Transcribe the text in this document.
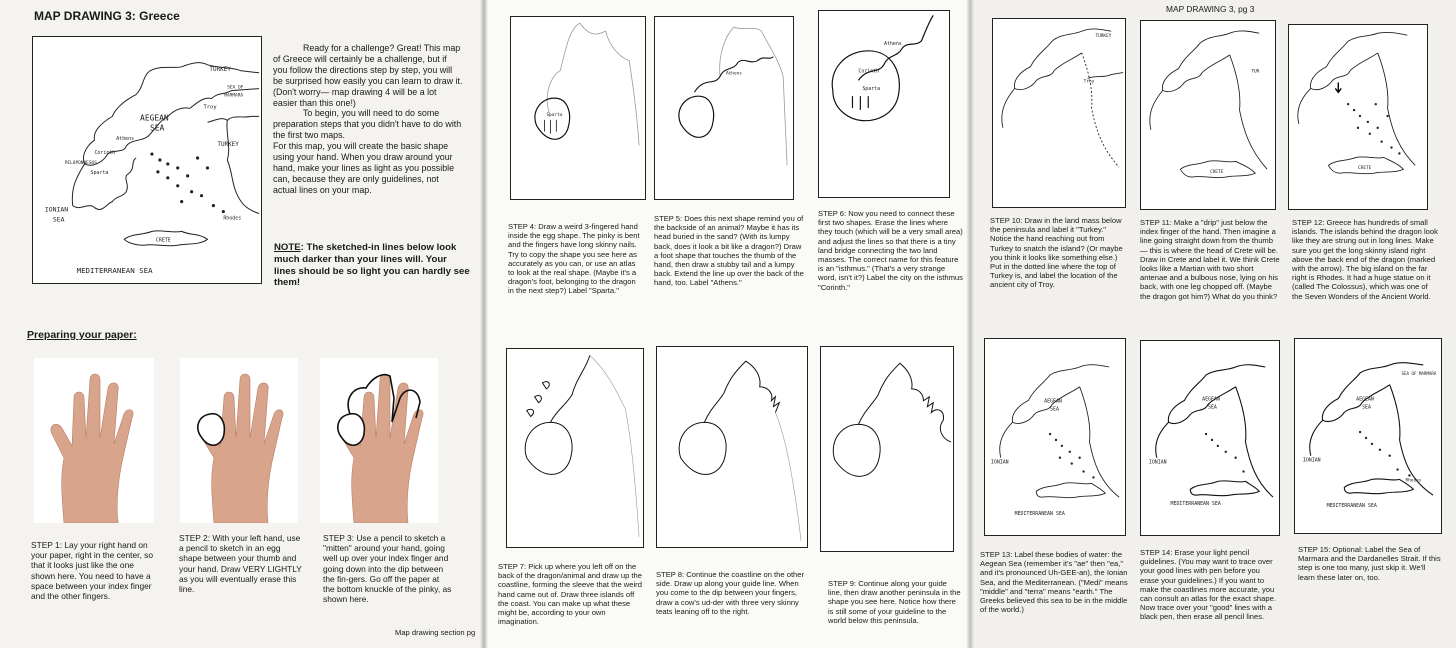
MAP DRAWING 3: Greece
TURKEY
SEA OF
MARMARA
Troy
AEGEAN
SEA
TURKEY
Athens
Corinth
PELOPONNESUS
Sparta
IONIAN
SEA	Rhodes
CRETE
MEDITERRANEAN SEA

Ready for a challenge? Great! This map of Greece will certainly be a challenge, but if you follow the directions step by step, you will be surprised how easily you can learn to draw it. (Don't worry— map drawing 4 will be a lot easier than this one!)

To begin, you will need to do some preparation steps that you didn't have to do with the first two maps.

For this map, you will create the basic shape using your hand. When you draw around your hand, make your lines as light as you possible can, because they are only guidelines, not actual lines on your map.

NOTE: The sketched-in lines below look much darker than your lines will. Your lines should be so light you can hardly see them!
Preparing your paper:
STEP 1: Lay your right hand on your paper, right in the center, so that it looks just like the one shown here. You need to have a space between your index finger and the other fingers.
STEP 2: With your left hand, use a pencil to sketch in an egg shape between your thumb and your hand. Draw VERY LIGHTLY as you will eventually erase this line.
STEP 3: Use a pencil to sketch a "mitten" around your hand, going well up over your index finger and going down into the dip between the fin-gers. Go off the paper at the bottom knuckle of the pinky, as shown here.
Map drawing section pg
Sparta
Athens
Athens
Corinth
Sparta
STEP 4: Draw a weird 3-fingered hand inside the egg shape. The pinky is bent and the fingers have long skinny nails. Try to copy the shape you see here as accurately as you can, or use an atlas to look at the real shape. (Maybe it's a dragon's foot, belonging to the dragon in the next step?) Label "Sparta."
STEP 5: Does this next shape remind you of the backside of an animal? Maybe it has its head buried in the sand? (With its lumpy back, does it look a bit like a dragon?) Draw a foot shape that touches the thumb of the hand, then draw a stubby tail and a lumpy back. Extend the line up over the back of the hand, too. Label "Athens."
STEP 6: Now you need to connect these first two shapes. Erase the lines where they touch (which will be a very small area) and adjust the lines so that there is a tiny land bridge connecting the two land masses. The correct name for this feature is an "isthmus." (That's a very strange word, isn't it?) Label the city on the isthmus "Corinth."
STEP 7: Pick up where you left off on the back of the dragon/animal and draw up the coastline, forming the sleeve that the weird hand came out of. Draw three islands off the coast. You can make up what these might be, according to your own imagination.
STEP 8: Continue the coastline on the other side. Draw up along your guide line. When you come to the dip between your fingers, draw a cow's ud-der with three very skinny teats leaning off to the right.
STEP 9: Continue along your guide line, then draw another peninsula in the shape you see here. Notice how there is still some of your guideline to the world below this peninsula.
MAP DRAWING 3, pg 3
TURKEY
Troy
CRETE
TUR
CRETE
STEP 10: Draw in the land mass below the peninsula and label it "Turkey." Notice the hand reaching out from Turkey to snatch the island? (Or maybe you think it looks like something else.) Put in the dotted line where the top of Turkey is, and label the location of the ancient city of Troy.
STEP 11: Make a "drip" just below the index finger of the hand. Then imagine a line going straight down from the thumb— this is where the head of Crete will be. Draw in Crete and label it. We think Crete looks like a Martian with two short antenae and a bulbous nose, lying on his back, with one leg chopped off. (Maybe the dragon got him?) What do you think?
STEP 12: Greece has hundreds of small islands. The islands behind the dragon look like they are strung out in long lines. Make sure you get the long skinny island right above the back end of the dragon (marked with the arrow). The big island on the far right is Rhodes. It had a huge statue on it (called The Colossus), which was one of the Seven Wonders of the Ancient World.
AEGEAN
SEA
IONIAN
MEDITERRANEAN SEA
AEGEAN
SEA
IONIAN
MEDITERRANEAN SEA
SEA OF MARMARA
AEGEAN
SEA
IONIAN
Rhodes
MEDITERRANEAN SEA
STEP 13: Label these bodies of water: the Aegean Sea (remember it's "ae" then "ea," and it's pronounced Uh-GEE-an), the Ionian Sea, and the Mediterranean. ("Medi" means "middle" and "terra" means "earth." The Greeks believed this sea to be in the middle of the world.)
STEP 14: Erase your light pencil guidelines. (You may want to trace over your good lines with pen before you erase your guidelines.) If you want to make the coastlines more accurate, you can consult an atlas for the exact shape. Now trace over your "good" lines with a black pen, then erase all pencil lines.
STEP 15: Optional: Label the Sea of Marmara and the Dardanelles Strait. If this step is one too many, just skip it. We'll learn these later on, too.
